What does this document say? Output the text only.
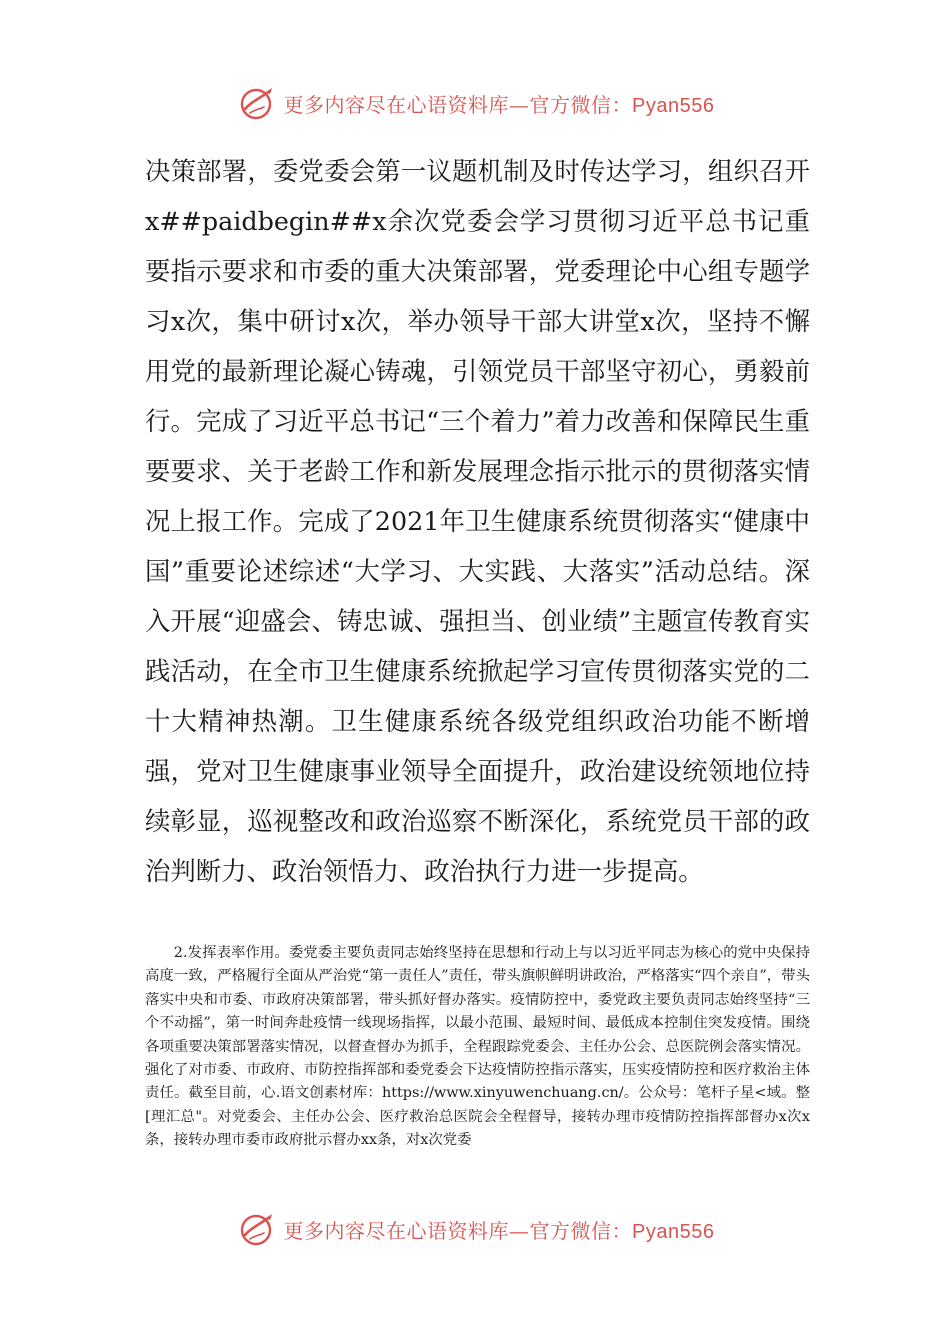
更多内容尽在心语资料库—官方微信：Pyan556

决策部署，委党委会第一议题机制及时传达学习，组织召开x##paidbegin##x余次党委会学习贯彻习近平总书记重要指示要求和市委的重大决策部署，党委理论中心组专题学习x次，集中研讨x次，举办领导干部大讲堂x次，坚持不懈用党的最新理论凝心铸魂，引领党员干部坚守初心，勇毅前行。完成了习近平总书记“三个着力”着力改善和保障民生重要要求、关于老龄工作和新发展理念指示批示的贯彻落实情况上报工作。完成了2021年卫生健康系统贯彻落实“健康中国”重要论述综述“大学习、大实践、大落实”活动总结。深入开展“迎盛会、铸忠诚、强担当、创业绩”主题宣传教育实践活动，在全市卫生健康系统掀起学习宣传贯彻落实党的二十大精神热潮。卫生健康系统各级党组织政治功能不断增强，党对卫生健康事业领导全面提升，政治建设统领地位持续彰显，巡视整改和政治巡察不断深化，系统党员干部的政治判断力、政治领悟力、政治执行力进一步提高。

2.发挥表率作用。委党委主要负责同志始终坚持在思想和行动上与以习近平同志为核心的党中央保持高度一致，严格履行全面从严治党“第一责任人”责任，带头旗帜鲜明讲政治，严格落实“四个亲自”，带头落实中央和市委、市政府决策部署，带头抓好督办落实。疫情防控中，委党政主要负责同志始终坚持“三个不动摇”，第一时间奔赴疫情一线现场指挥，以最小范围、最短时间、最低成本控制住突发疫情。围绕各项重要决策部署落实情况，以督查督办为抓手，全程跟踪党委会、主任办公会、总医院例会落实情况。强化了对市委、市政府、市防控指挥部和委党委会下达疫情防控指示落实，压实疫情防控和医疗救治主体责任。截至目前，心.语文创素材库：https://www.xinyuwenchuang.cn/。公众号：笔杆子星<域。整[理汇总"。对党委会、主任办公会、医疗救治总医院会全程督导，接转办理市疫情防控指挥部督办x次x条，接转办理市委市政府批示督办xx条，对x次党委

更多内容尽在心语资料库—官方微信：Pyan556
